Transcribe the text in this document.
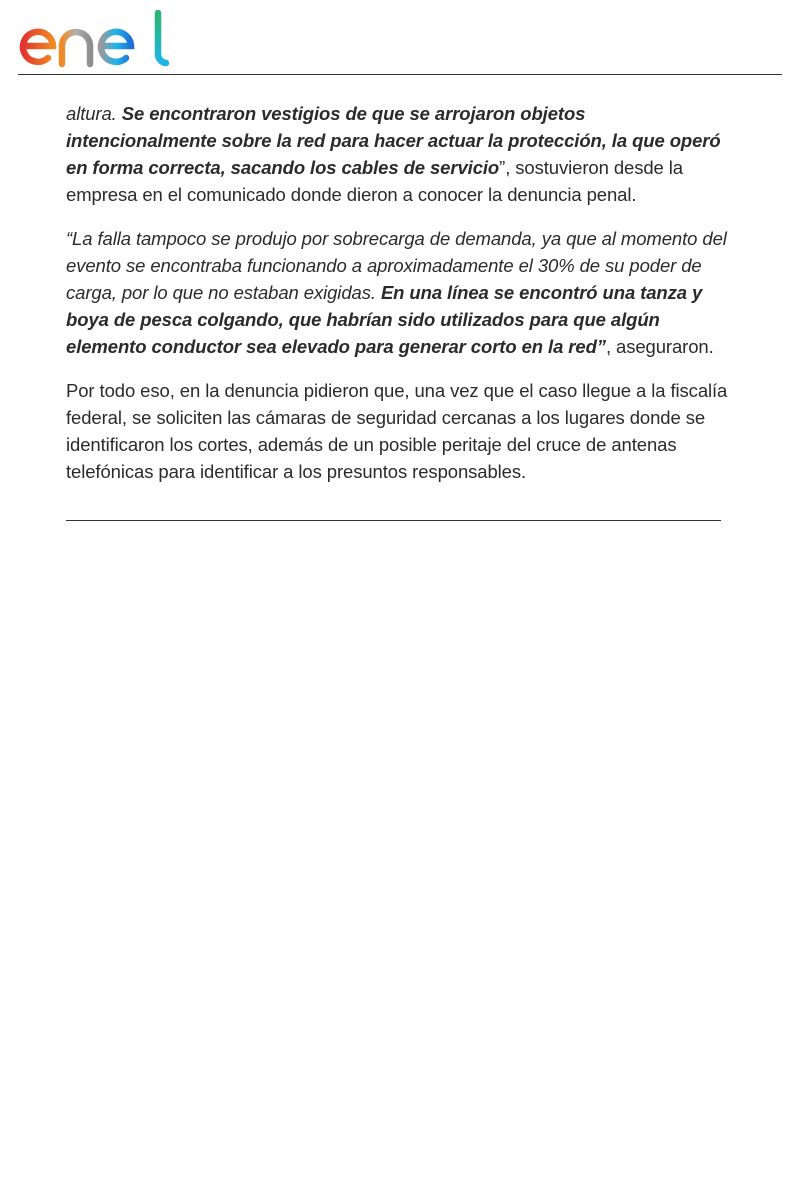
altura. Se encontraron vestigios de que se arrojaron objetos intencionalmente sobre la red para hacer actuar la protección, la que operó en forma correcta, sacando los cables de servicio”, sostuvieron desde la empresa en el comunicado donde dieron a conocer la denuncia penal.

“La falla tampoco se produjo por sobrecarga de demanda, ya que al momento del evento se encontraba funcionando a aproximadamente el 30% de su poder de carga, por lo que no estaban exigidas. En una línea se encontró una tanza y boya de pesca colgando, que habrían sido utilizados para que algún elemento conductor sea elevado para generar corto en la red”, aseguraron.

Por todo eso, en la denuncia pidieron que, una vez que el caso llegue a la fiscalía federal, se soliciten las cámaras de seguridad cercanas a los lugares donde se identificaron los cortes, además de un posible peritaje del cruce de antenas telefónicas para identificar a los presuntos responsables.
